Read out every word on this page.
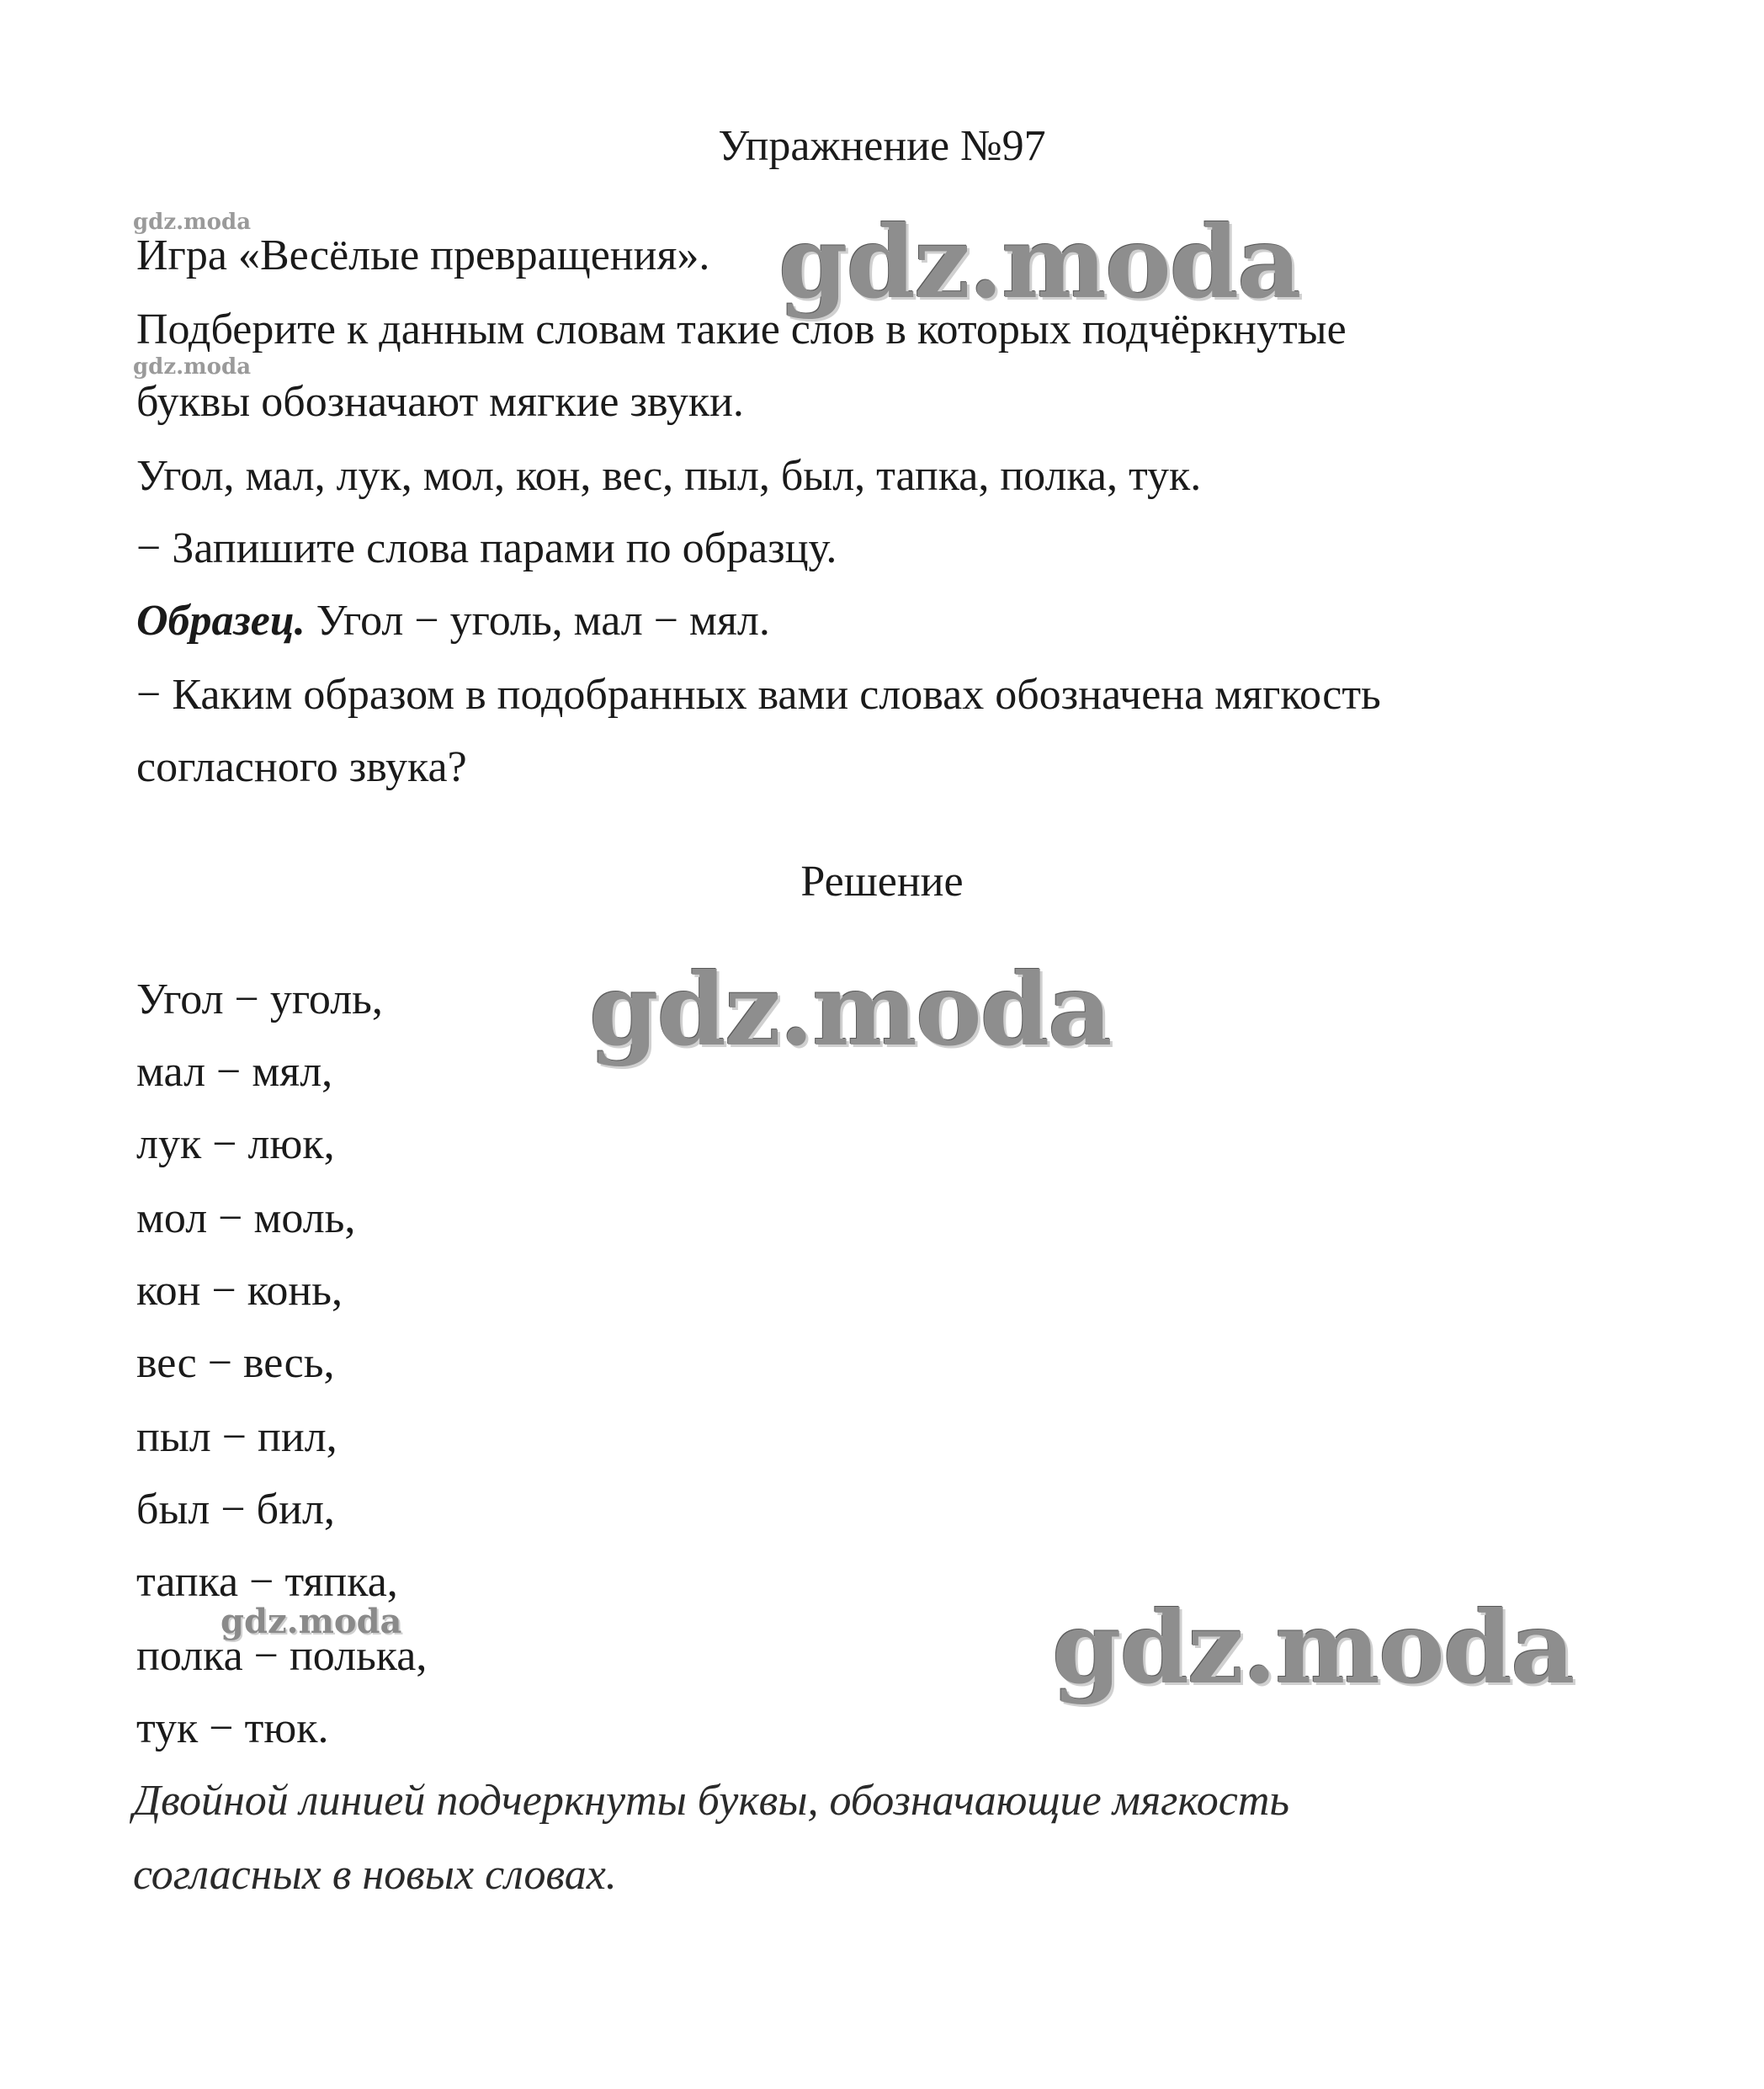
Упражнение №97
gdz.moda
Игра «Весёлые превращения». gdz.moda
Подберите к данным словам такие слов в которых подчёркнутые
gdz.moda
буквы обозначают мягкие звуки.
Угол, мал, лук, мол, кон, вес, пыл, был, тапка, полка, тук.
− Запишите слова парами по образцу.
Образец. Угол − уголь, мал − мял.
− Каким образом в подобранных вами словах обозначена мягкость
согласного звука?
Решение
gdz.moda
Угол − уголь,
мал − мял,
лук − люк,
мол − моль,
кон − конь,
вес − весь,
пыл − пил,
был − бил,
тапка − тяпка,
gdz.moda
полка − полька,
тук − тюк.
gdz.moda
Двойной линией подчеркнуты буквы, обозначающие мягкость
согласных в новых словах.
